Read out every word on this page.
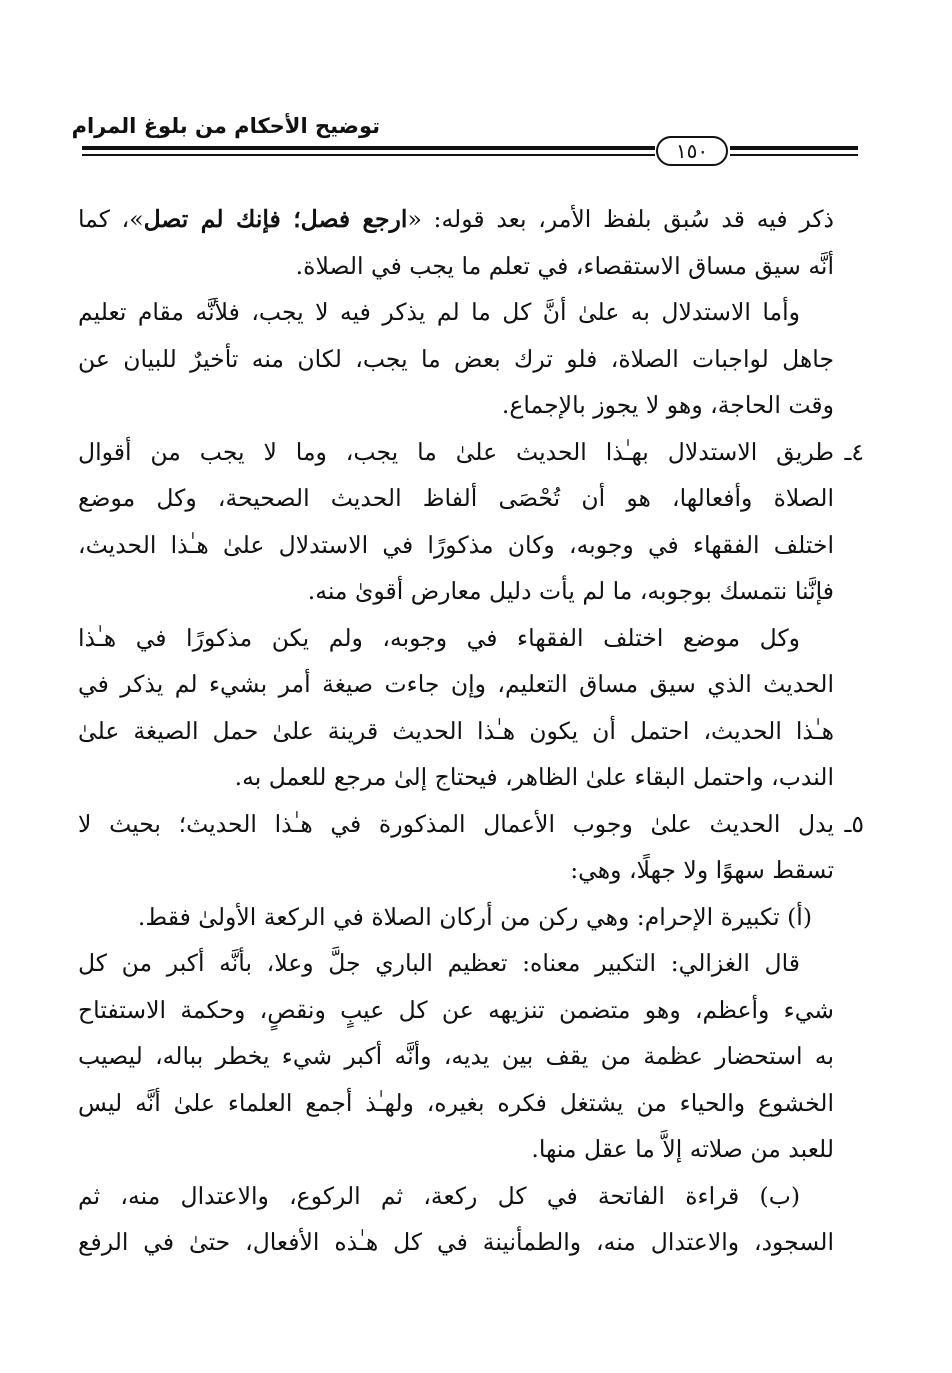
توضيح الأحكام من بلوغ المرام
١٥٠
ذكر فيه قد سُبق بلفظ الأمر، بعد قوله: «ارجع فصل؛ فإنك لم تصل»، كما
أنَّه سيق مساق الاستقصاء، في تعلم ما يجب في الصلاة.
وأما الاستدلال به علىٰ أنَّ كل ما لم يذكر فيه لا يجب، فلأنَّه مقام تعليم
جاهل لواجبات الصلاة، فلو ترك بعض ما يجب، لكان منه تأخيرٌ للبيان عن
وقت الحاجة، وهو لا يجوز بالإجماع.
٤ـ
طريق الاستدلال بهـٰذا الحديث علىٰ ما يجب، وما لا يجب من أقوال
الصلاة وأفعالها، هو أن تُحْصَى ألفاظ الحديث الصحيحة، وكل موضع
اختلف الفقهاء في وجوبه، وكان مذكورًا في الاستدلال علىٰ هـٰذا الحديث،
فإنَّنا نتمسك بوجوبه، ما لم يأت دليل معارض أقوىٰ منه.
وكل موضع اختلف الفقهاء في وجوبه، ولم يكن مذكورًا في هـٰذا
الحديث الذي سيق مساق التعليم، وإن جاءت صيغة أمر بشيء لم يذكر في
هـٰذا الحديث، احتمل أن يكون هـٰذا الحديث قرينة علىٰ حمل الصيغة علىٰ
الندب، واحتمل البقاء علىٰ الظاهر، فيحتاج إلىٰ مرجع للعمل به.
٥ـ
يدل الحديث علىٰ وجوب الأعمال المذكورة في هـٰذا الحديث؛ بحيث لا
تسقط سهوًا ولا جهلًا، وهي:
(أ) تكبيرة الإحرام: وهي ركن من أركان الصلاة في الركعة الأولىٰ فقط.
قال الغزالي: التكبير معناه: تعظيم الباري جلَّ وعلا، بأنَّه أكبر من كل
شيء وأعظم، وهو متضمن تنزيهه عن كل عيبٍ ونقصٍ، وحكمة الاستفتاح
به استحضار عظمة من يقف بين يديه، وأنَّه أكبر شيء يخطر بباله، ليصيب
الخشوع والحياء من يشتغل فكره بغيره، ولهـٰذ أجمع العلماء علىٰ أنَّه ليس
للعبد من صلاته إلاَّ ما عقل منها.
(ب) قراءة الفاتحة في كل ركعة، ثم الركوع، والاعتدال منه، ثم
السجود، والاعتدال منه، والطمأنينة في كل هـٰذه الأفعال، حتىٰ في الرفع
